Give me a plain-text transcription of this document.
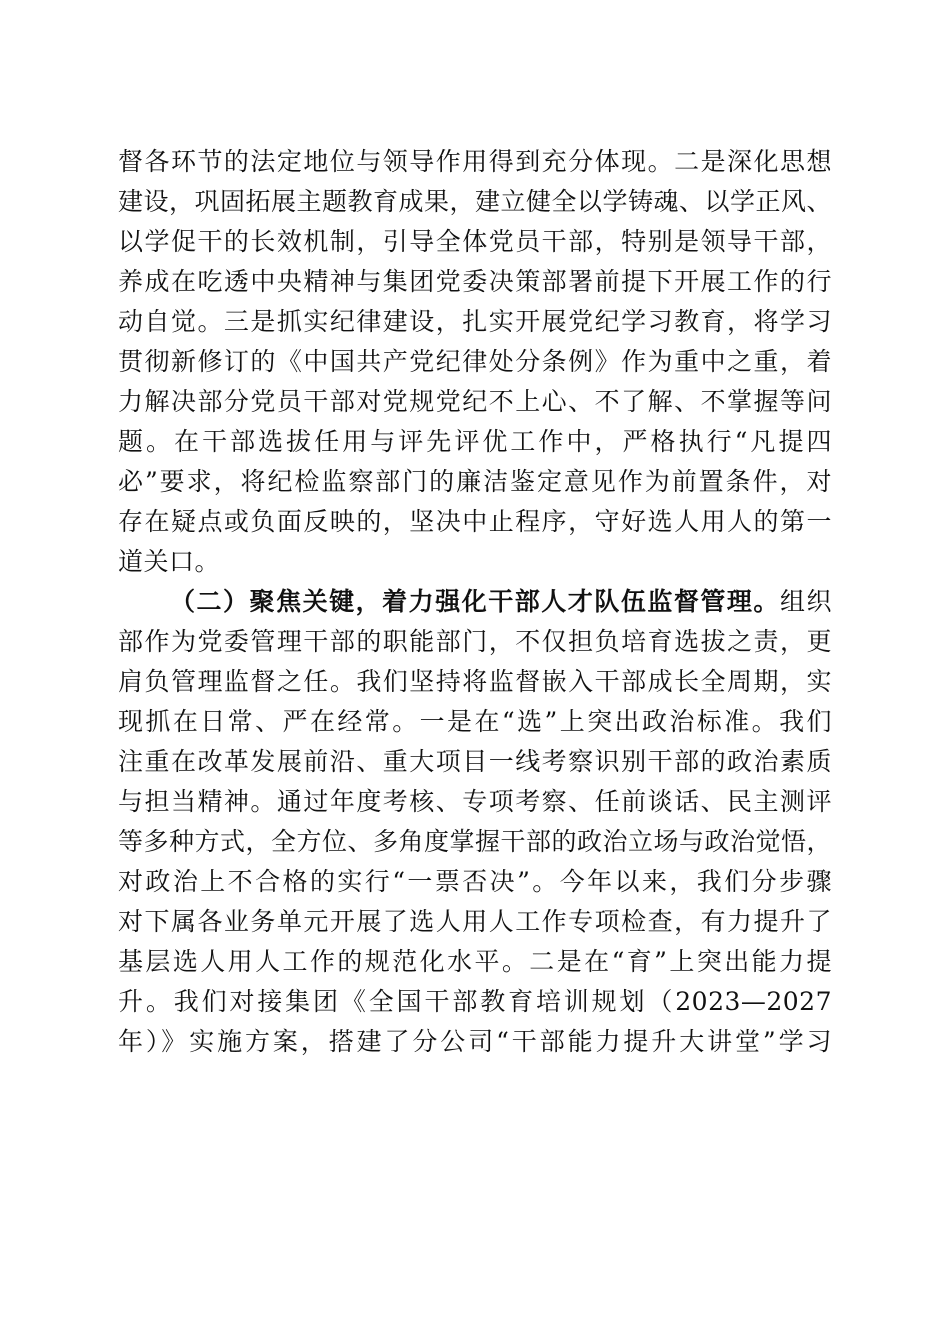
督各环节的法定地位与领导作用得到充分体现。二是深化思想
建设，巩固拓展主题教育成果，建立健全以学铸魂、以学正风、
以学促干的长效机制，引导全体党员干部，特别是领导干部，
养成在吃透中央精神与集团党委决策部署前提下开展工作的行
动自觉。三是抓实纪律建设，扎实开展党纪学习教育，将学习
贯彻新修订的《中国共产党纪律处分条例》作为重中之重，着
力解决部分党员干部对党规党纪不上心、不了解、不掌握等问
题。在干部选拔任用与评先评优工作中，严格执行“凡提四
必”要求，将纪检监察部门的廉洁鉴定意见作为前置条件，对
存在疑点或负面反映的，坚决中止程序，守好选人用人的第一
道关口。
（二）聚焦关键，着力强化干部人才队伍监督管理。组织
部作为党委管理干部的职能部门，不仅担负培育选拔之责，更
肩负管理监督之任。我们坚持将监督嵌入干部成长全周期，实
现抓在日常、严在经常。一是在“选”上突出政治标准。我们
注重在改革发展前沿、重大项目一线考察识别干部的政治素质
与担当精神。通过年度考核、专项考察、任前谈话、民主测评
等多种方式，全方位、多角度掌握干部的政治立场与政治觉悟，
对政治上不合格的实行“一票否决”。今年以来，我们分步骤
对下属各业务单元开展了选人用人工作专项检查，有力提升了
基层选人用人工作的规范化水平。二是在“育”上突出能力提
升。我们对接集团《全国干部教育培训规划（2023—2027
年）》实施方案，搭建了分公司“干部能力提升大讲堂”学习
